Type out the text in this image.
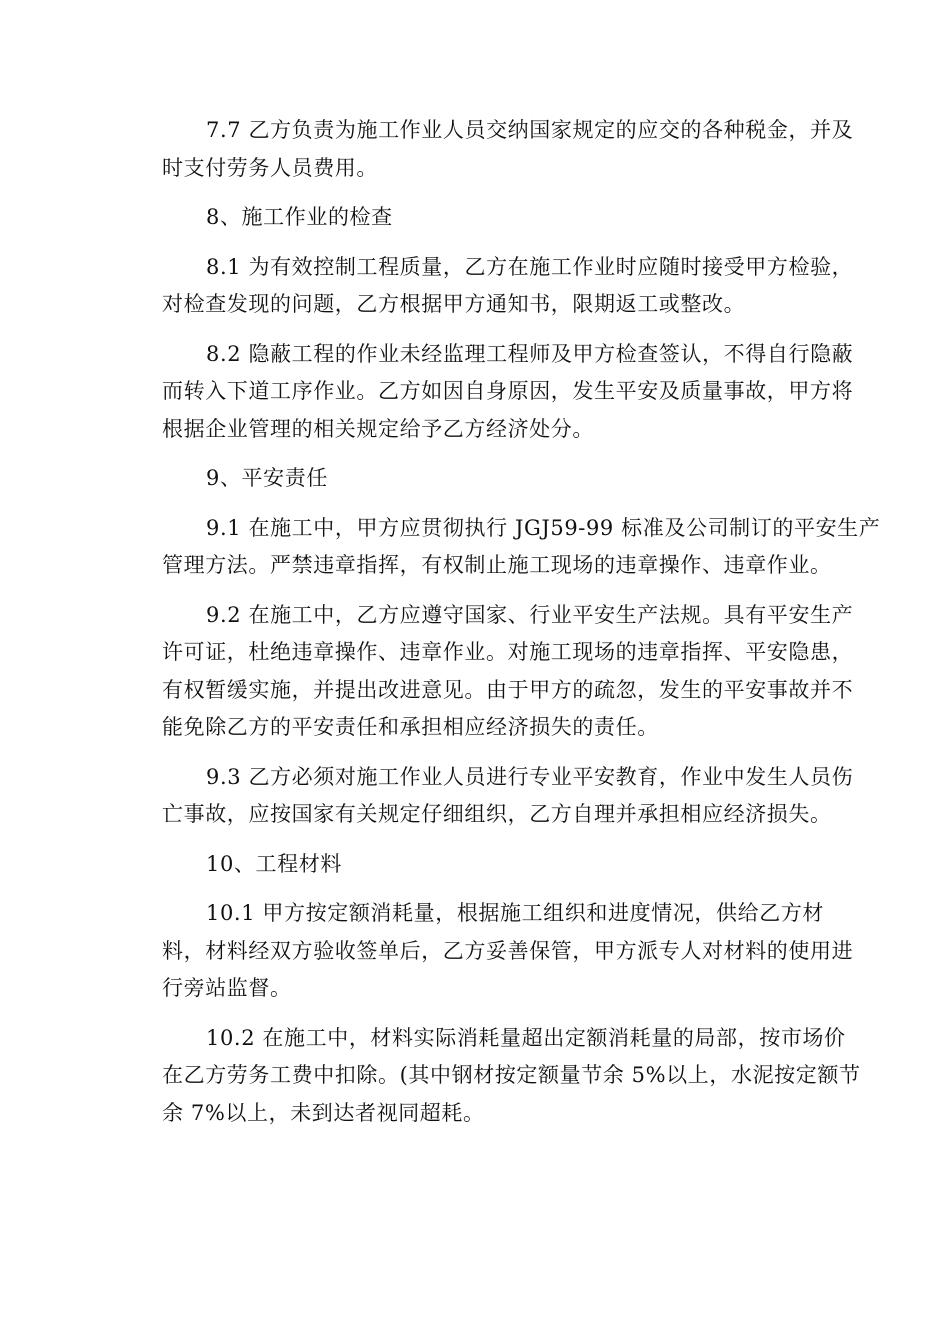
7.7 乙方负责为施工作业人员交纳国家规定的应交的各种税金，并及
时支付劳务人员费用。
8、施工作业的检查
8.1 为有效控制工程质量，乙方在施工作业时应随时接受甲方检验，
对检查发现的问题，乙方根据甲方通知书，限期返工或整改。
8.2 隐蔽工程的作业未经监理工程师及甲方检查签认，不得自行隐蔽
而转入下道工序作业。乙方如因自身原因，发生平安及质量事故，甲方将
根据企业管理的相关规定给予乙方经济处分。
9、平安责任
9.1 在施工中，甲方应贯彻执行 JGJ59-99 标准及公司制订的平安生产
管理方法。严禁违章指挥，有权制止施工现场的违章操作、违章作业。
9.2 在施工中，乙方应遵守国家、行业平安生产法规。具有平安生产
许可证，杜绝违章操作、违章作业。对施工现场的违章指挥、平安隐患，
有权暂缓实施，并提出改进意见。由于甲方的疏忽，发生的平安事故并不
能免除乙方的平安责任和承担相应经济损失的责任。
9.3 乙方必须对施工作业人员进行专业平安教育，作业中发生人员伤
亡事故，应按国家有关规定仔细组织，乙方自理并承担相应经济损失。
10、工程材料
10.1 甲方按定额消耗量，根据施工组织和进度情况，供给乙方材
料，材料经双方验收签单后，乙方妥善保管，甲方派专人对材料的使用进
行旁站监督。
10.2 在施工中，材料实际消耗量超出定额消耗量的局部，按市场价
在乙方劳务工费中扣除。(其中钢材按定额量节余 5%以上，水泥按定额节
余 7%以上，未到达者视同超耗。
